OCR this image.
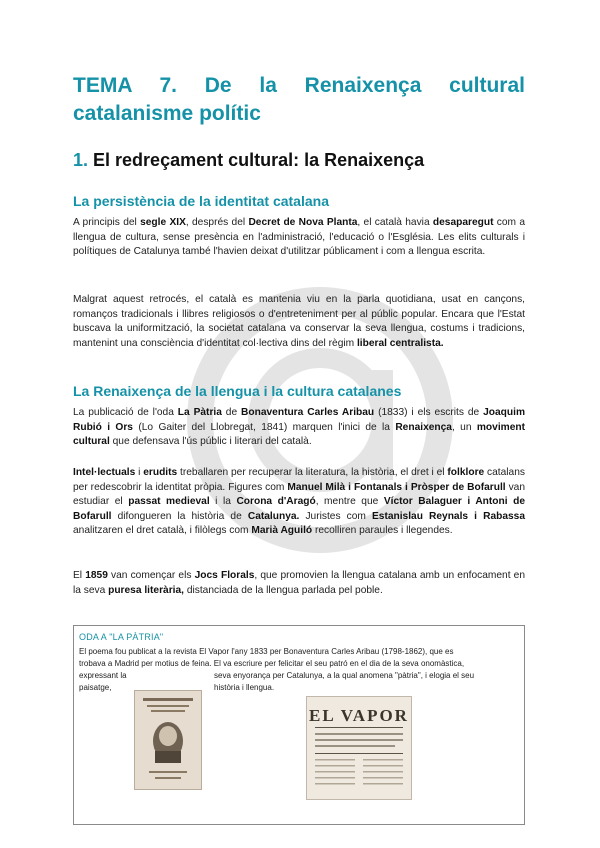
TEMA 7. De la Renaixença cultural
catalanisme polític
1. El redreçament cultural: la Renaixença
La persistència de la identitat catalana
A principis del segle XIX, després del Decret de Nova Planta, el català havia desaparegut com a llengua de cultura, sense presència en l'administració, l'educació o l'Església. Les elits culturals i polítiques de Catalunya també l'havien deixat d'utilitzar públicament i com a llengua escrita.
Malgrat aquest retrocés, el català es mantenia viu en la parla quotidiana, usat en cançons, romanços tradicionals i llibres religiosos o d'entreteniment per al públic popular. Encara que l'Estat buscava la uniformització, la societat catalana va conservar la seva llengua, costums i tradicions, mantenint una consciència d'identitat col·lectiva dins del règim liberal centralista.
La Renaixença de la llengua i la cultura catalanes
La publicació de l'oda La Pàtria de Bonaventura Carles Aribau (1833) i els escrits de Joaquim Rubió i Ors (Lo Gaiter del Llobregat, 1841) marquen l'inici de la Renaixença, un moviment cultural que defensava l'ús públic i literari del català.
Intel·lectuals i erudits treballaren per recuperar la literatura, la història, el dret i el folklore catalans per redescobrir la identitat pròpia. Figures com Manuel Milà i Fontanals i Pròsper de Bofarull van estudiar el passat medieval i la Corona d'Aragó, mentre que Víctor Balaguer i Antoni de Bofarull difongueren la història de Catalunya. Juristes com Estanislau Reynals i Rabassa analitzaren el dret català, i filòlegs com Marià Aguiló recolliren paraules i llegendes.
El 1859 van començar els Jocs Florals, que promovien la llengua catalana amb un enfocament en la seva puresa literària, distanciada de la llengua parlada pel poble.
ODA A "LA PÀTRIA"
El poema fou publicat a la revista El Vapor l'any 1833 per Bonaventura Carles Aribau (1798-1862), que es
trobava a Madrid per motius de feina. El va escriure per felicitar el seu patró en el dia de la seva onomàstica,
expressant la	seva enyorança per Catalunya, a la qual anomena "pàtria", i elogia el seu
paisatge,	història i llengua.
EL VAPOR
